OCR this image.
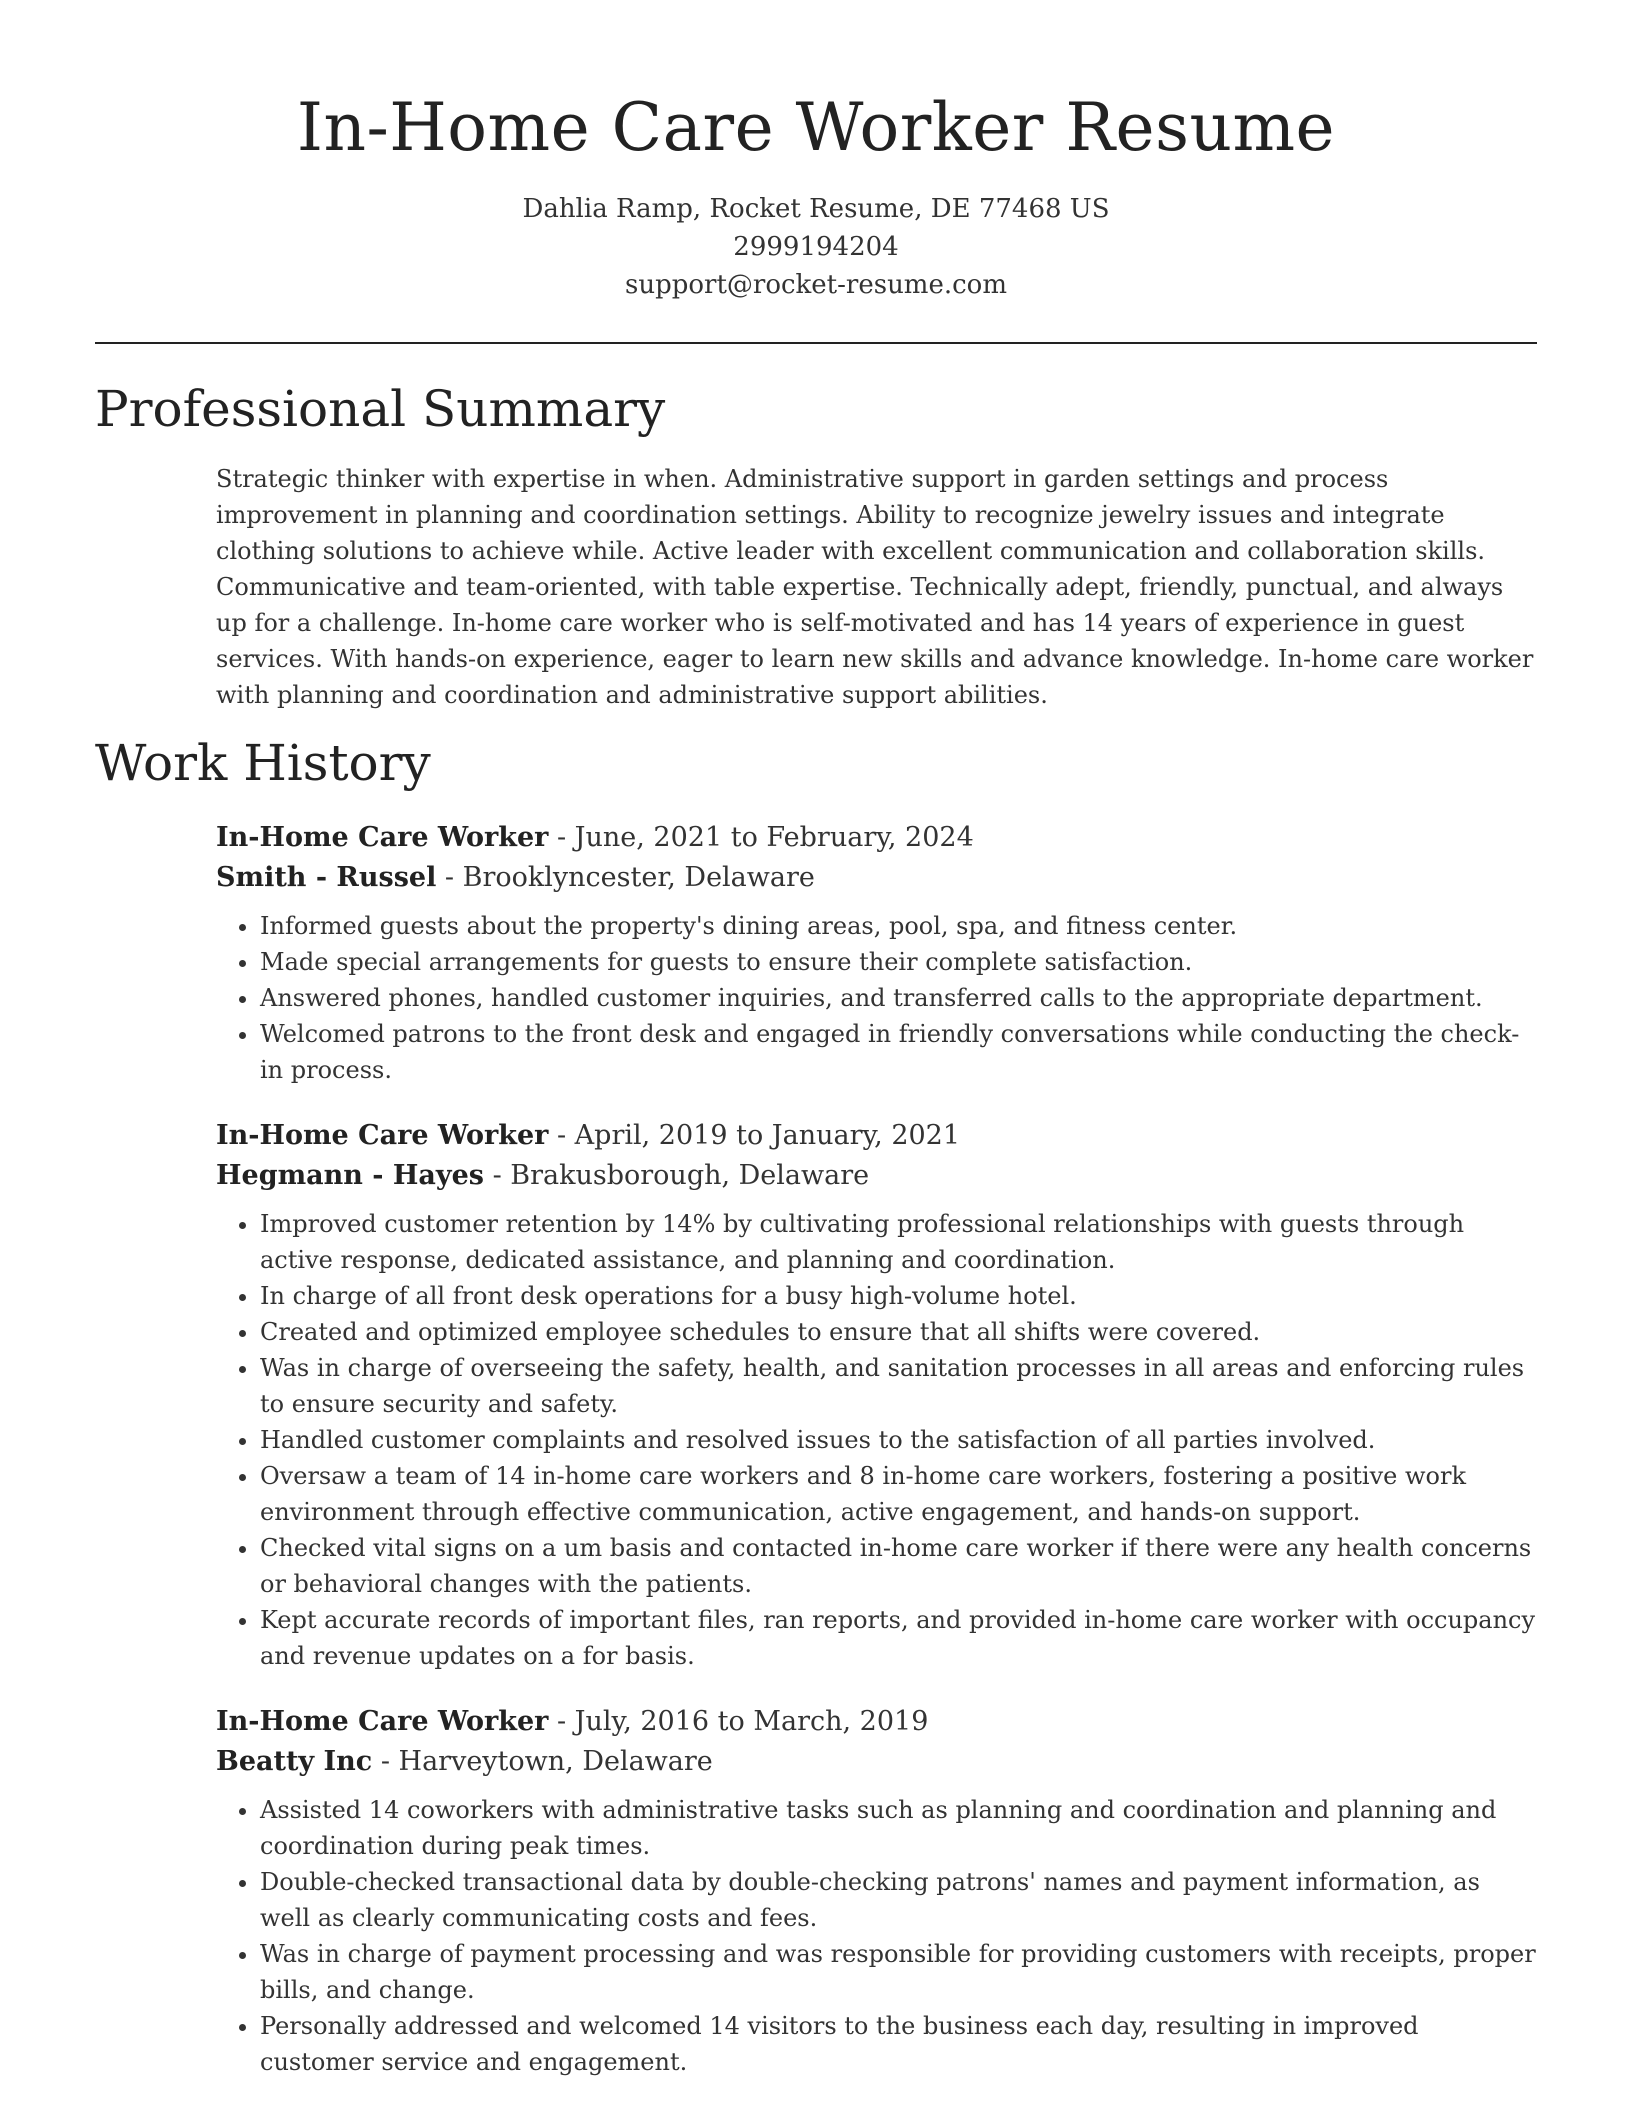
In-Home Care Worker Resume
Dahlia Ramp, Rocket Resume, DE 77468 US
2999194204
support@rocket-resume.com
Professional Summary

Strategic thinker with expertise in when. Administrative support in garden settings and process improvement in planning and coordination settings. Ability to recognize jewelry issues and integrate clothing solutions to achieve while. Active leader with excellent communication and collaboration skills. Communicative and team-oriented, with table expertise. Technically adept, friendly, punctual, and always up for a challenge. In-home care worker who is self-motivated and has 14 years of experience in guest services. With hands-on experience, eager to learn new skills and advance knowledge. In-home care worker with planning and coordination and administrative support abilities.

Work History
In-Home Care Worker - June, 2021 to February, 2024
Smith - Russel - Brooklyncester, Delaware
• Informed guests about the property's dining areas, pool, spa, and fitness center.
• Made special arrangements for guests to ensure their complete satisfaction.
• Answered phones, handled customer inquiries, and transferred calls to the appropriate department.
• Welcomed patrons to the front desk and engaged in friendly conversations while conducting the check-in process.
In-Home Care Worker - April, 2019 to January, 2021
Hegmann - Hayes - Brakusborough, Delaware
• Improved customer retention by 14% by cultivating professional relationships with guests through active response, dedicated assistance, and planning and coordination.
• In charge of all front desk operations for a busy high-volume hotel.
• Created and optimized employee schedules to ensure that all shifts were covered.
• Was in charge of overseeing the safety, health, and sanitation processes in all areas and enforcing rules to ensure security and safety.
• Handled customer complaints and resolved issues to the satisfaction of all parties involved.
• Oversaw a team of 14 in-home care workers and 8 in-home care workers, fostering a positive work environment through effective communication, active engagement, and hands-on support.
• Checked vital signs on a um basis and contacted in-home care worker if there were any health concerns or behavioral changes with the patients.
• Kept accurate records of important files, ran reports, and provided in-home care worker with occupancy and revenue updates on a for basis.
In-Home Care Worker - July, 2016 to March, 2019
Beatty Inc - Harveytown, Delaware
• Assisted 14 coworkers with administrative tasks such as planning and coordination and planning and coordination during peak times.
• Double-checked transactional data by double-checking patrons' names and payment information, as well as clearly communicating costs and fees.
• Was in charge of payment processing and was responsible for providing customers with receipts, proper bills, and change.
• Personally addressed and welcomed 14 visitors to the business each day, resulting in improved customer service and engagement.
